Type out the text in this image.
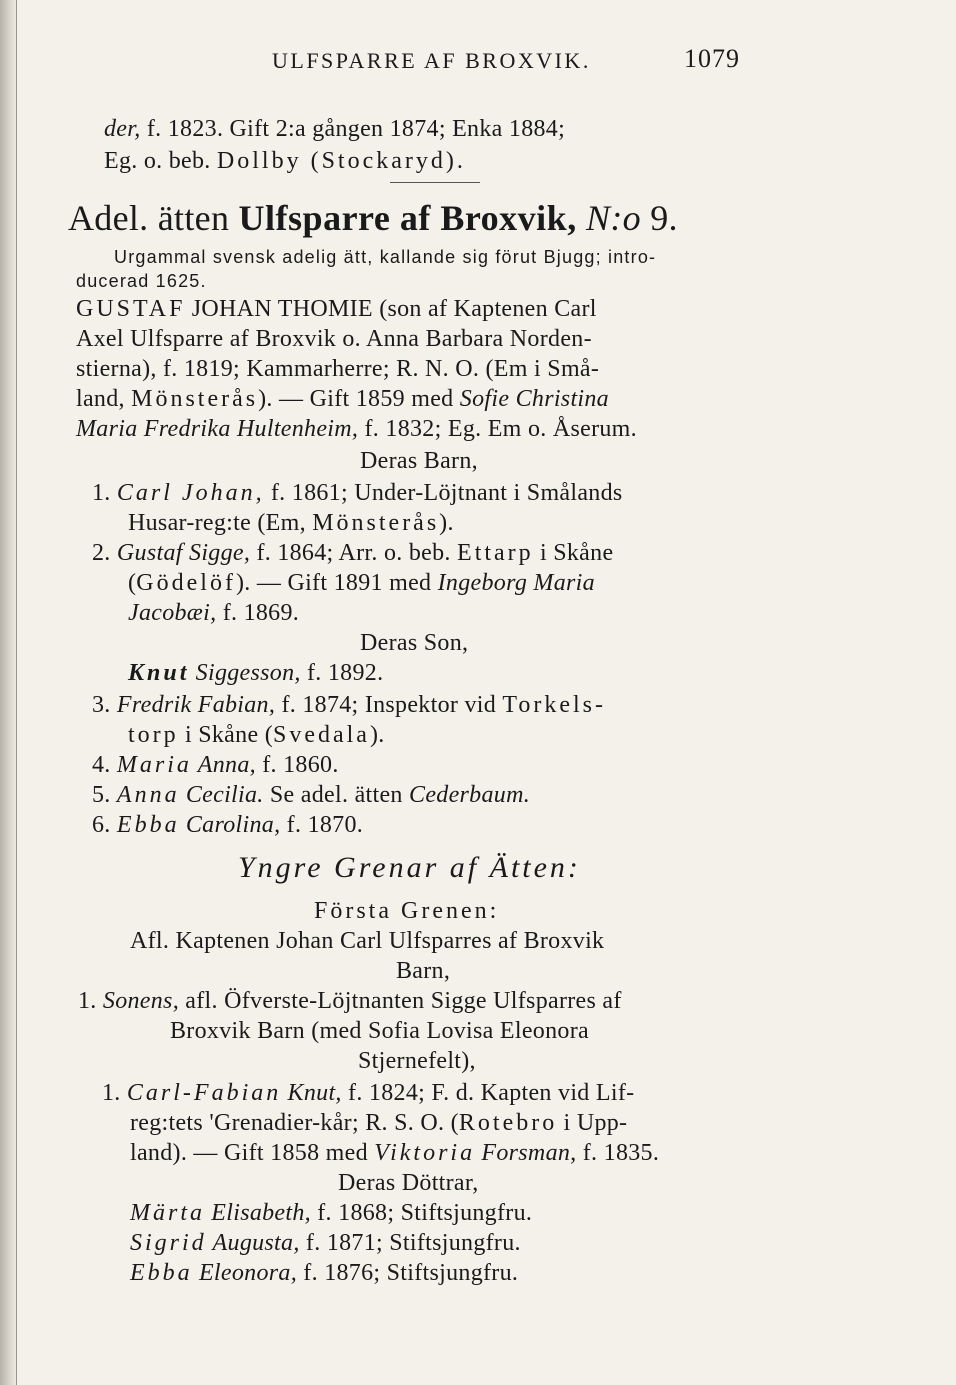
ULFSPARRE AF BROXVIK.	1079
der, f. 1823. Gift 2:a gången 1874; Enka 1884;
Eg. o. beb. Dollby (Stockaryd).
Adel. ätten Ulfsparre af Broxvik, N:o 9.
Urgammal svensk adelig ätt, kallande sig förut Bjugg; intro-
ducerad 1625.
GUSTAF JOHAN THOMIE (son af Kaptenen Carl
Axel Ulfsparre af Broxvik o. Anna Barbara Norden-
stierna), f. 1819; Kammarherre; R. N. O. (Em i Små-
land, Mönsterås). — Gift 1859 med Sofie Christina
Maria Fredrika Hultenheim, f. 1832; Eg. Em o. Åserum.
Deras Barn,
1. Carl Johan, f. 1861; Under-Löjtnant i Smålands
Husar-reg:te (Em, Mönsterås).
2. Gustaf Sigge, f. 1864; Arr. o. beb. Ettarp i Skåne
(Gödelöf). — Gift 1891 med Ingeborg Maria
Jacobæi, f. 1869.
Deras Son,
Knut Siggesson, f. 1892.
3. Fredrik Fabian, f. 1874; Inspektor vid Torkels-
torp i Skåne (Svedala).
4. Maria Anna, f. 1860.
5. Anna Cecilia. Se adel. ätten Cederbaum.
6. Ebba Carolina, f. 1870.
Yngre Grenar af Ätten:
Första Grenen:
Afl. Kaptenen Johan Carl Ulfsparres af Broxvik
Barn,
1. Sonens, afl. Öfverste-Löjtnanten Sigge Ulfsparres af
Broxvik Barn (med Sofia Lovisa Eleonora
Stjernefelt),
1. Carl-Fabian Knut, f. 1824; F. d. Kapten vid Lif-
reg:tets 'Grenadier-kår; R. S. O. (Rotebro i Upp-
land). — Gift 1858 med Viktoria Forsman, f. 1835.
Deras Döttrar,
Märta Elisabeth, f. 1868; Stiftsjungfru.
Sigrid Augusta, f. 1871; Stiftsjungfru.
Ebba Eleonora, f. 1876; Stiftsjungfru.
